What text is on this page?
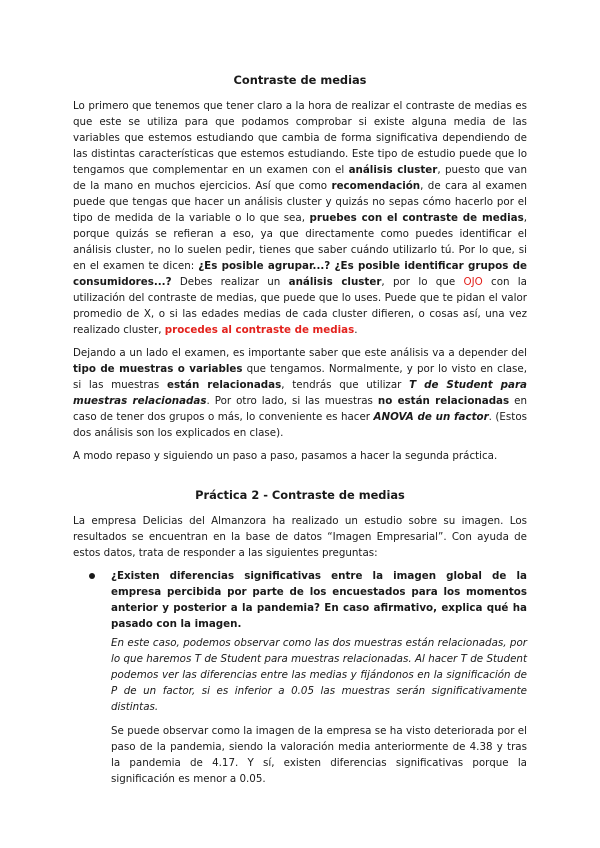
Contraste de medias

Lo primero que tenemos que tener claro a la hora de realizar el contraste de medias es que este se utiliza para que podamos comprobar si existe alguna media de las variables que estemos estudiando que cambia de forma significativa dependiendo de las distintas características que estemos estudiando. Este tipo de estudio puede que lo tengamos que complementar en un examen con el análisis cluster, puesto que van de la mano en muchos ejercicios. Así que como recomendación, de cara al examen puede que tengas que hacer un análisis cluster y quizás no sepas cómo hacerlo por el tipo de medida de la variable o lo que sea, pruebes con el contraste de medias, porque quizás se refieran a eso, ya que directamente como puedes identificar el análisis cluster, no lo suelen pedir, tienes que saber cuándo utilizarlo tú. Por lo que, si en el examen te dicen: ¿Es posible agrupar...? ¿Es posible identificar grupos de consumidores...? Debes realizar un análisis cluster, por lo que OJO con la utilización del contraste de medias, que puede que lo uses. Puede que te pidan el valor promedio de X, o si las edades medias de cada cluster difieren, o cosas así, una vez realizado cluster, procedes al contraste de medias.

Dejando a un lado el examen, es importante saber que este análisis va a depender del tipo de muestras o variables que tengamos. Normalmente, y por lo visto en clase, si las muestras están relacionadas, tendrás que utilizar T de Student para muestras relacionadas. Por otro lado, si las muestras no están relacionadas en caso de tener dos grupos o más, lo conveniente es hacer ANOVA de un factor. (Estos dos análisis son los explicados en clase).

A modo repaso y siguiendo un paso a paso, pasamos a hacer la segunda práctica.

Práctica 2 - Contraste de medias

La empresa Delicias del Almanzora ha realizado un estudio sobre su imagen. Los resultados se encuentran en la base de datos “Imagen Empresarial”. Con ayuda de estos datos, trata de responder a las siguientes preguntas:

¿Existen diferencias significativas entre la imagen global de la empresa percibida por parte de los encuestados para los momentos anterior y posterior a la pandemia? En caso afirmativo, explica qué ha pasado con la imagen.

En este caso, podemos observar como las dos muestras están relacionadas, por lo que haremos T de Student para muestras relacionadas. Al hacer T de Student podemos ver las diferencias entre las medias y fijándonos en la significación de P de un factor, si es inferior a 0.05 las muestras serán significativamente distintas.

Se puede observar como la imagen de la empresa se ha visto deteriorada por el paso de la pandemia, siendo la valoración media anteriormente de 4.38 y tras la pandemia de 4.17. Y sí, existen diferencias significativas porque la significación es menor a 0.05.
